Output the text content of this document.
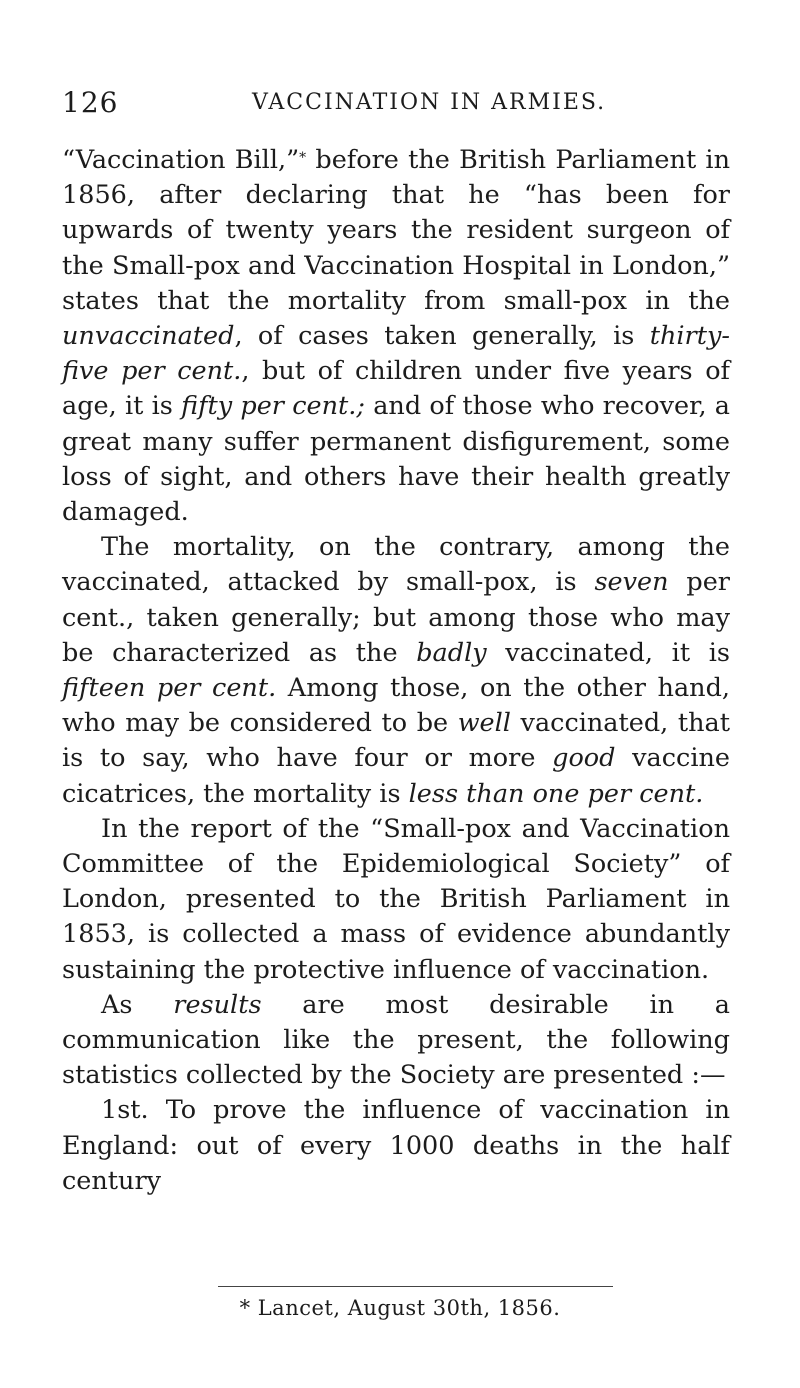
126	VACCINATION IN ARMIES.

“Vaccination Bill,”* before the British Parliament in 1856, after declaring that he “has been for upwards of twenty years the resident surgeon of the Small-pox and Vaccination Hospital in London,” states that the mortality from small-pox in the unvaccinated, of cases taken generally, is thirty-five per cent., but of children under five years of age, it is fifty per cent.; and of those who recover, a great many suffer permanent disfigurement, some loss of sight, and others have their health greatly damaged.

The mortality, on the contrary, among the vaccinated, attacked by small-pox, is seven per cent., taken generally; but among those who may be characterized as the badly vaccinated, it is fifteen per cent. Among those, on the other hand, who may be considered to be well vaccinated, that is to say, who have four or more good vaccine cicatrices, the mortality is less than one per cent.

In the report of the “Small-pox and Vaccination Committee of the Epidemiological Society” of London, presented to the British Parliament in 1853, is collected a mass of evidence abundantly sustaining the protective influence of vaccination.

As results are most desirable in a communication like the present, the following statistics collected by the Society are presented :—

1st. To prove the influence of vaccination in England: out of every 1000 deaths in the half century

* Lancet, August 30th, 1856.
